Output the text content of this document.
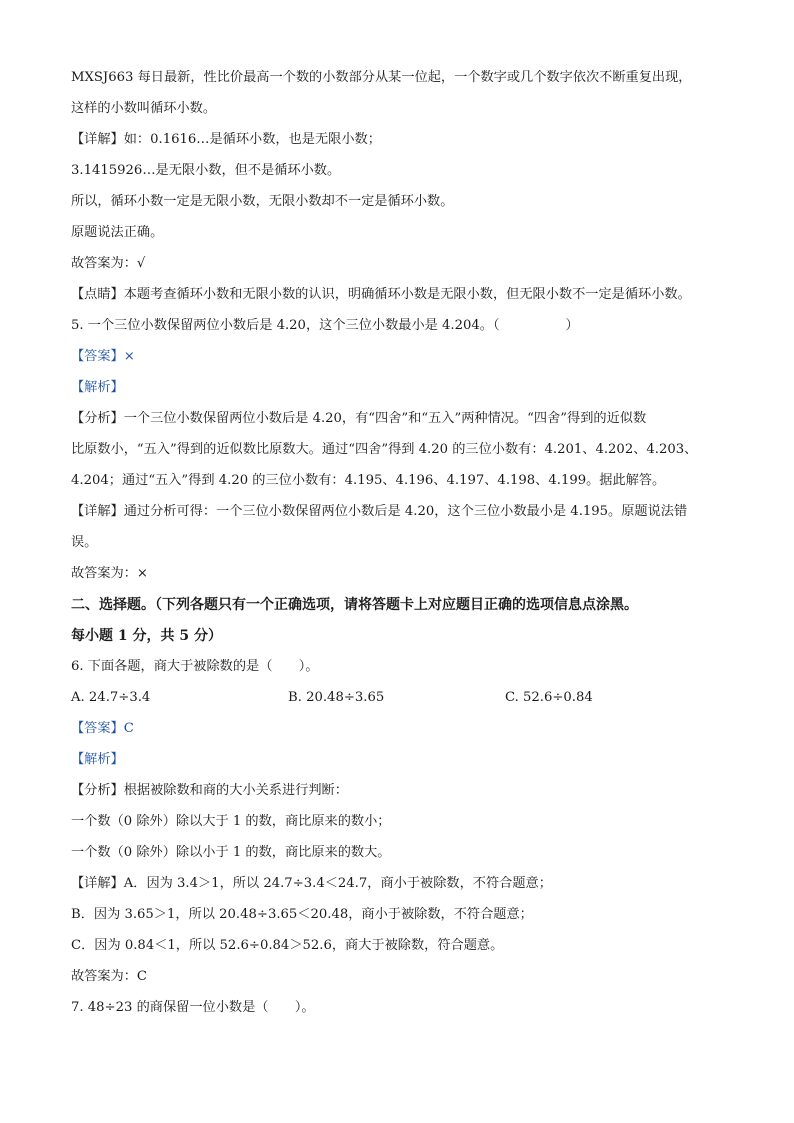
MXSJ663 每日最新，性比价最高一个数的小数部分从某一位起，一个数字或几个数字依次不断重复出现，
这样的小数叫循环小数。
【详解】如：0.1616…是循环小数，也是无限小数；
3.1415926…是无限小数，但不是循环小数。
所以，循环小数一定是无限小数，无限小数却不一定是循环小数。
原题说法正确。
故答案为：√
【点睛】本题考查循环小数和无限小数的认识，明确循环小数是无限小数，但无限小数不一定是循环小数。
5. 一个三位小数保留两位小数后是 4.20，这个三位小数最小是 4.204。（　　　　　）
【答案】×
【解析】
【分析】一个三位小数保留两位小数后是 4.20，有“四舍”和“五入”两种情况。“四舍”得到的近似数
比原数小，“五入”得到的近似数比原数大。通过“四舍”得到 4.20 的三位小数有：4.201、4.202、4.203、
4.204；通过“五入”得到 4.20 的三位小数有：4.195、4.196、4.197、4.198、4.199。据此解答。
【详解】通过分析可得：一个三位小数保留两位小数后是 4.20，这个三位小数最小是 4.195。原题说法错
误。
故答案为：×
二、选择题。（下列各题只有一个正确选项，请将答题卡上对应题目正确的选项信息点涂黑。
每小题 1 分，共 5 分）
6. 下面各题，商大于被除数的是（　　）。
A. 24.7÷3.4	B. 20.48÷3.65	C. 52.6÷0.84
【答案】C
【解析】
【分析】根据被除数和商的大小关系进行判断：
一个数（0 除外）除以大于 1 的数，商比原来的数小；
一个数（0 除外）除以小于 1 的数，商比原来的数大。
【详解】A．因为 3.4＞1，所以 24.7÷3.4＜24.7，商小于被除数，不符合题意；
B．因为 3.65＞1，所以 20.48÷3.65＜20.48，商小于被除数，不符合题意；
C．因为 0.84＜1，所以 52.6÷0.84＞52.6，商大于被除数，符合题意。
故答案为：C
7. 48÷23 的商保留一位小数是（　　）。
